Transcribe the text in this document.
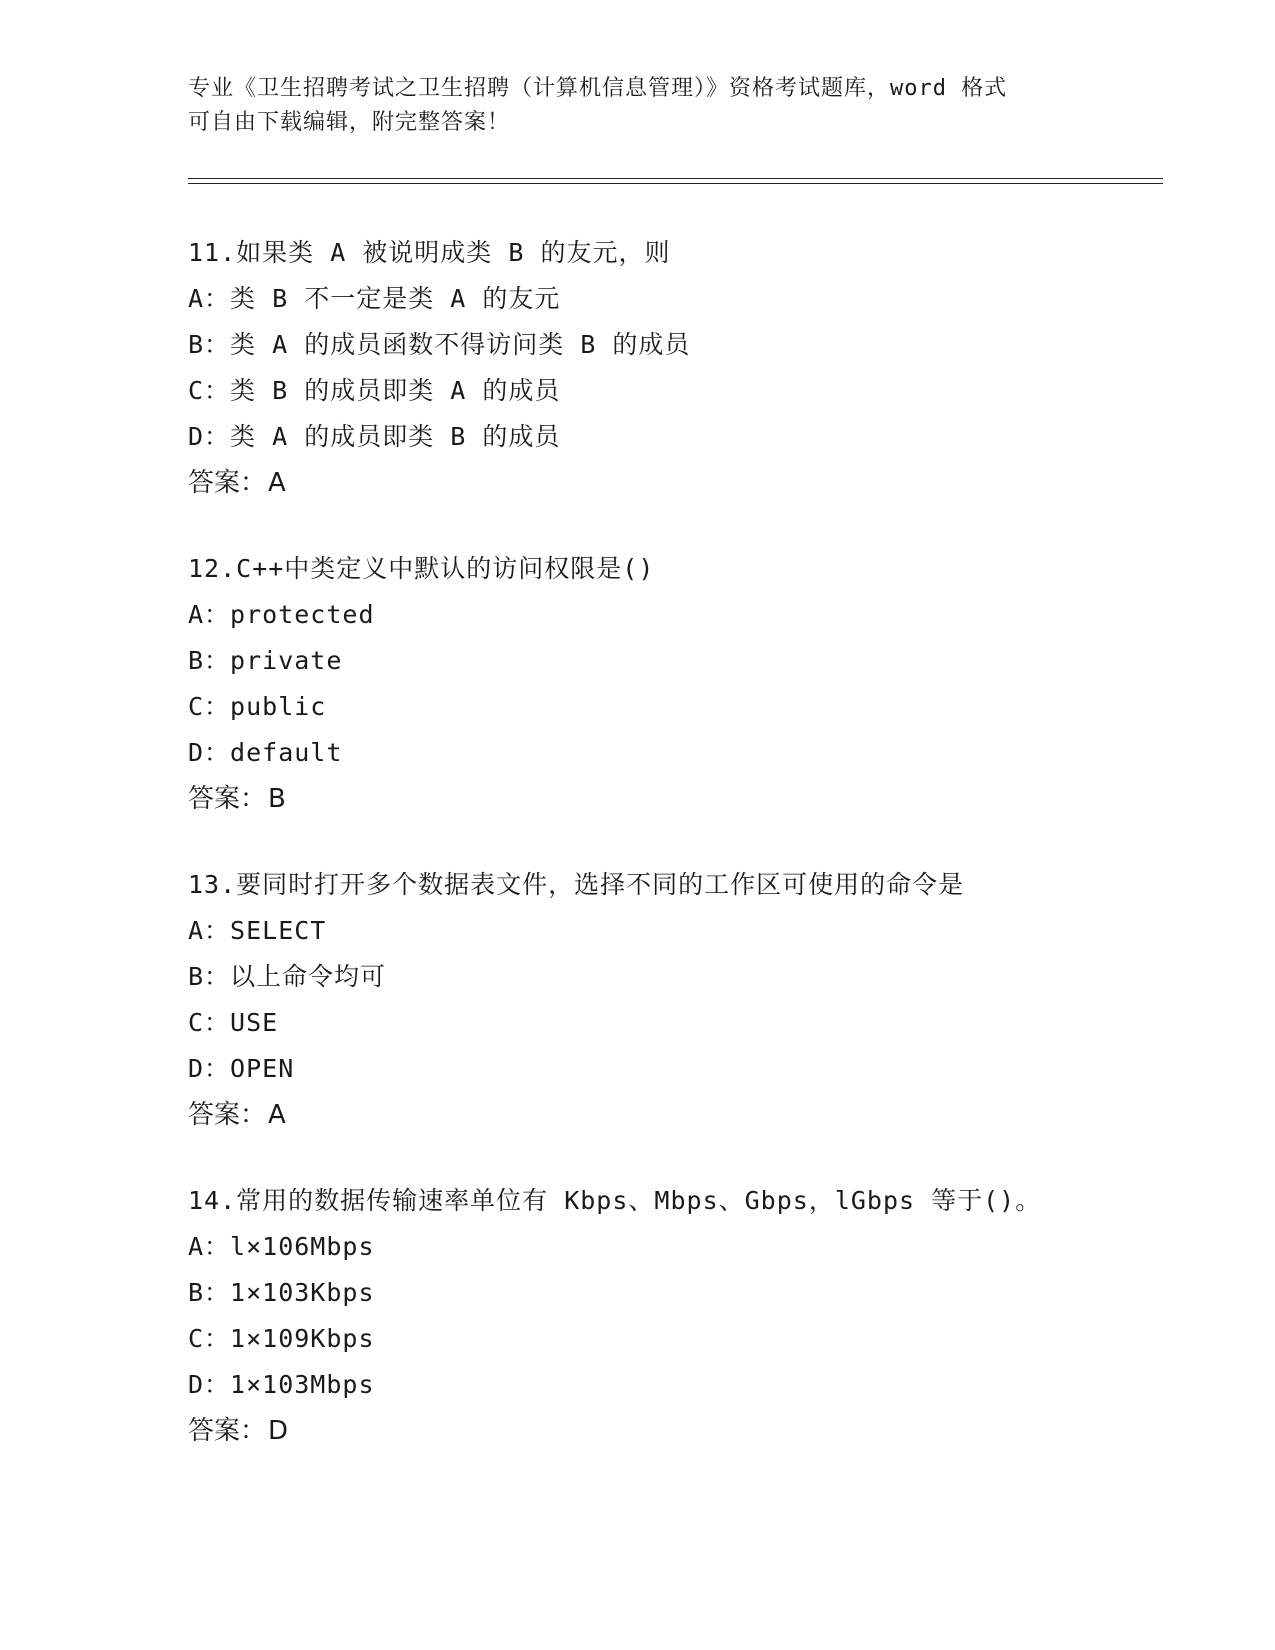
专业《卫生招聘考试之卫生招聘（计算机信息管理）》资格考试题库，word 格式
可自由下载编辑，附完整答案！
11.如果类 A 被说明成类 B 的友元，则
A：类 B 不一定是类 A 的友元
B：类 A 的成员函数不得访问类 B 的成员
C：类 B 的成员即类 A 的成员
D：类 A 的成员即类 B 的成员
答案：A
12.C++中类定义中默认的访问权限是()
A：protected
B：private
C：public
D：default
答案：B
13.要同时打开多个数据表文件，选择不同的工作区可使用的命令是
A：SELECT
B：以上命令均可
C：USE
D：OPEN
答案：A
14.常用的数据传输速率单位有 Kbps、Mbps、Gbps，lGbps 等于()。
A：l×106Mbps
B：1×103Kbps
C：1×109Kbps
D：1×103Mbps
答案：D
